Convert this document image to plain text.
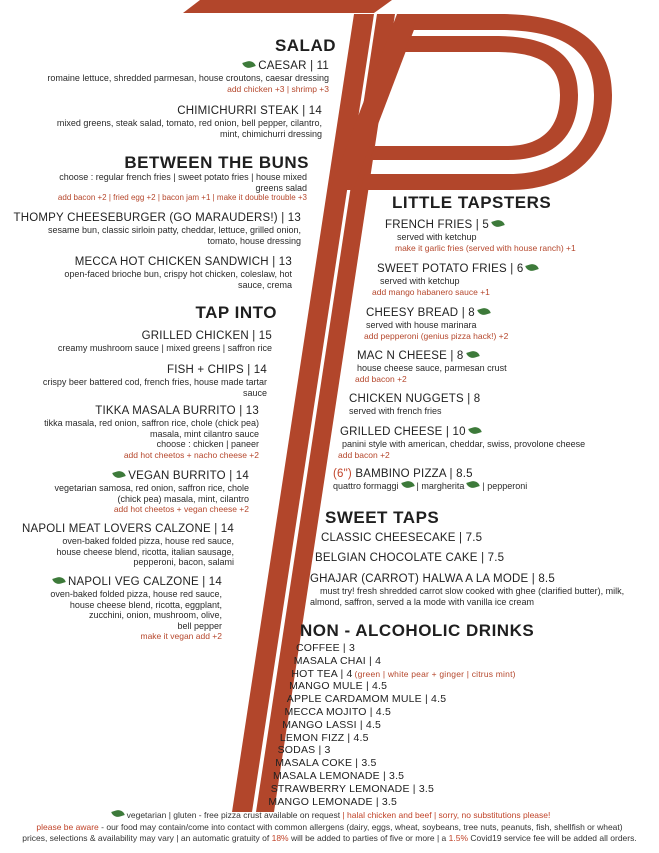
SALAD
CAESAR | 11
romaine lettuce, shredded parmesan, house croutons, caesar dressing
add chicken +3 | shrimp +3
CHIMICHURRI STEAK | 14
mixed greens, steak salad, tomato, red onion, bell pepper, cilantro,
mint, chimichurri dressing
BETWEEN THE BUNS
choose : regular french fries | sweet potato fries | house mixed
greens salad
add bacon +2 | fried egg +2 | bacon jam +1 | make it double trouble +3
THOMPY CHEESEBURGER (GO MARAUDERS!) | 13
sesame bun, classic sirloin patty, cheddar, lettuce, grilled onion,
tomato, house dressing
MECCA HOT CHICKEN SANDWICH | 13
open-faced brioche bun, crispy hot chicken, coleslaw, hot
sauce, crema
TAP INTO
GRILLED CHICKEN | 15
creamy mushroom sauce | mixed greens | saffron rice
FISH + CHIPS | 14
crispy beer battered cod, french fries, house made tartar
sauce
TIKKA MASALA BURRITO | 13
tikka masala, red onion, saffron rice, chole (chick pea)
masala, mint cilantro sauce
choose : chicken | paneer
add hot cheetos + nacho cheese +2
VEGAN BURRITO | 14
vegetarian samosa, red onion, saffron rice, chole
(chick pea) masala, mint, cilantro
add hot cheetos + vegan cheese +2
NAPOLI MEAT LOVERS CALZONE | 14
oven-baked folded pizza, house red sauce,
house cheese blend, ricotta, italian sausage,
pepperoni, bacon, salami
NAPOLI VEG CALZONE | 14
oven-baked folded pizza, house red sauce,
house cheese blend, ricotta, eggplant,
zucchini, onion, mushroom, olive,
bell pepper
make it vegan add +2
LITTLE TAPSTERS
FRENCH FRIES | 5
served with ketchup
make it garlic fries (served with house ranch) +1
SWEET POTATO FRIES | 6
served with ketchup
add mango habanero sauce +1
CHEESY BREAD | 8
served with house marinara
add pepperoni (genius pizza hack!) +2
MAC N CHEESE | 8
house cheese sauce, parmesan crust
add bacon +2
CHICKEN NUGGETS | 8
served with french fries
GRILLED CHEESE | 10
panini style with american, cheddar, swiss, provolone cheese
add bacon +2
(6") BAMBINO PIZZA | 8.5
quattro formaggi | margherita | pepperoni
SWEET TAPS
CLASSIC CHEESECAKE | 7.5
BELGIAN CHOCOLATE CAKE | 7.5
GHAJAR (CARROT) HALWA A LA MODE | 8.5
must try! fresh shredded carrot slow cooked with ghee (clarified butter), milk,
almond, saffron, served a la mode with vanilla ice cream
NON - ALCOHOLIC DRINKS
COFFEE | 3
MASALA CHAI | 4
HOT TEA | 4 (green | white pear + ginger | citrus mint)
MANGO MULE | 4.5
APPLE CARDAMOM MULE | 4.5
MECCA MOJITO | 4.5
MANGO LASSI | 4.5
LEMON FIZZ | 4.5
SODAS | 3
MASALA COKE | 3.5
MASALA LEMONADE | 3.5
STRAWBERRY LEMONADE | 3.5
MANGO LEMONADE | 3.5
vegetarian | gluten - free pizza crust available on request | halal chicken and beef | sorry, no substitutions please!
please be aware - our food may contain/come into contact with common allergens (dairy, eggs, wheat, soybeans, tree nuts, peanuts, fish, shellfish or wheat)
prices, selections & availability may vary | an automatic gratuity of 18% will be added to parties of five or more | a 1.5% Covid19 service fee will be added all orders.
